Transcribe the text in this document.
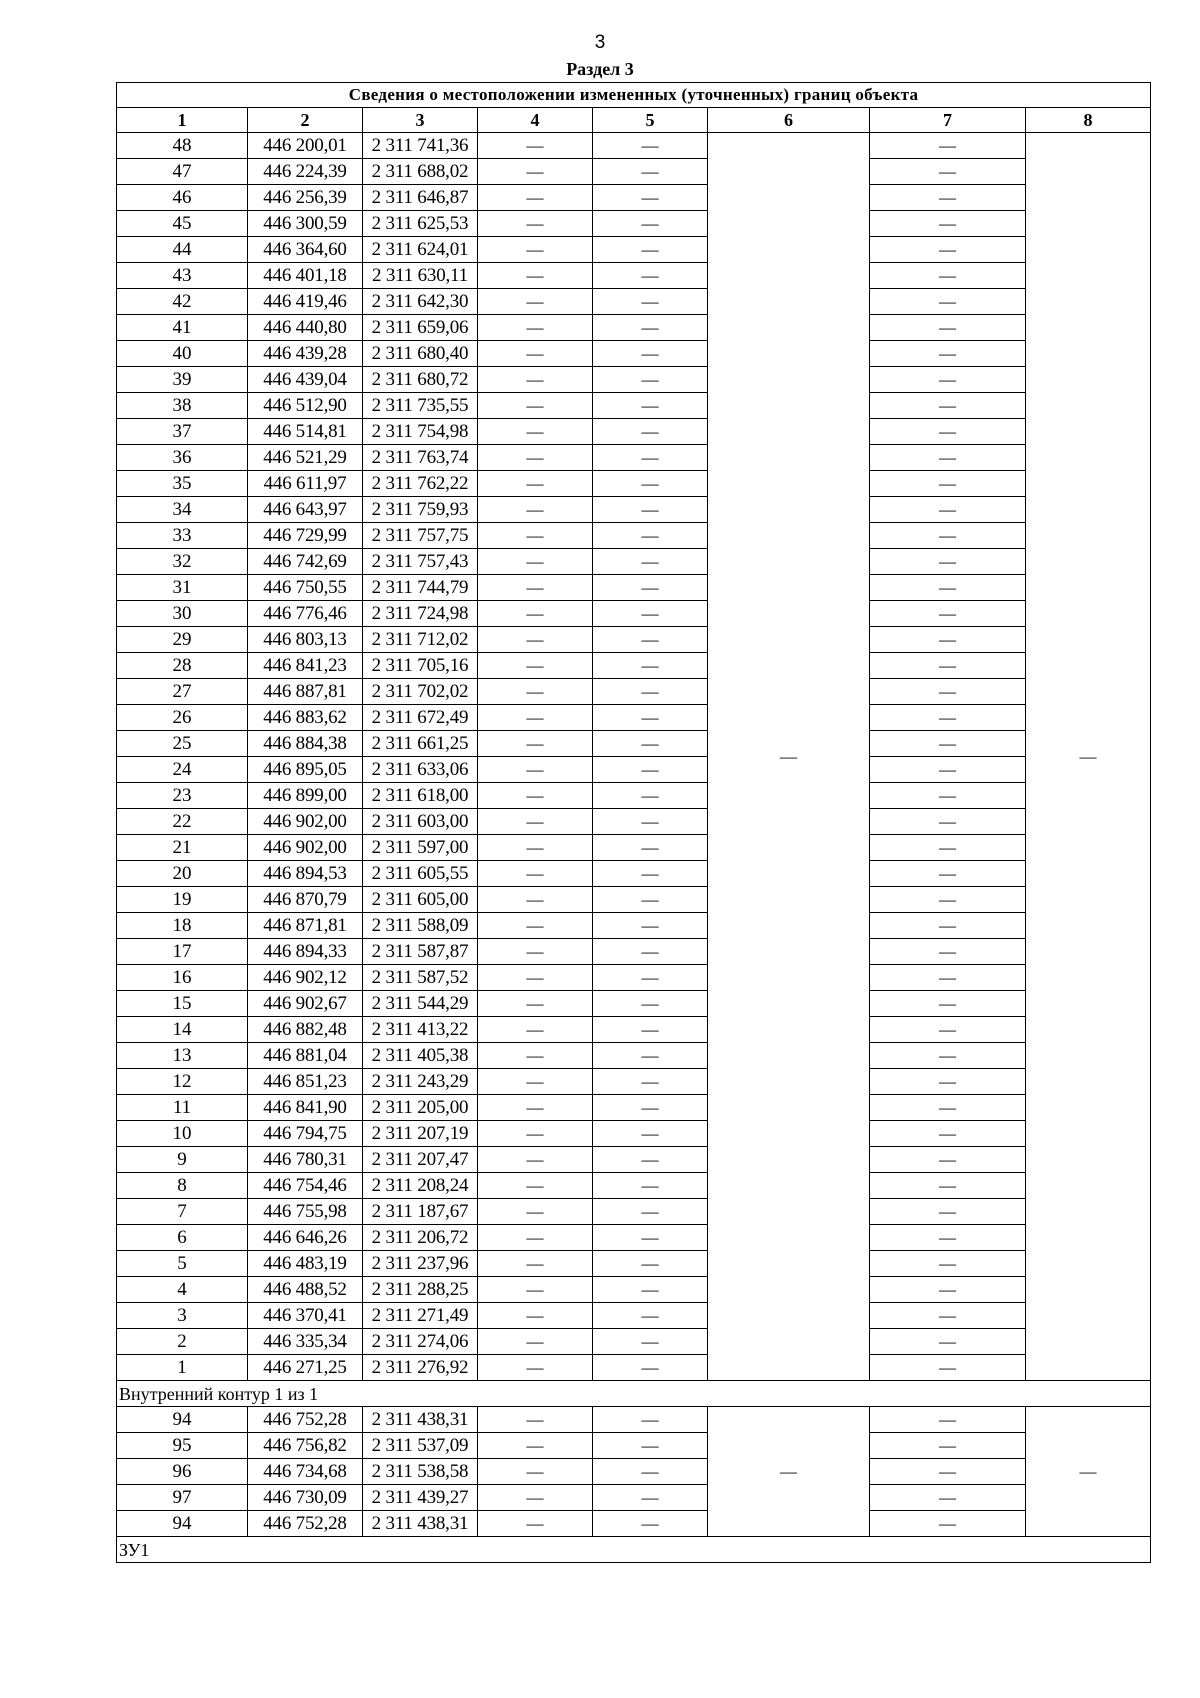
3
Раздел 3
Сведения о местоположении измененных (уточненных) границ объекта							
1	2	3	4	5	6	7	8
48	446 200,01	2 311 741,36	—	—	—	—	—
47	446 224,39	2 311 688,02	—	—		—	
46	446 256,39	2 311 646,87	—	—		—	
45	446 300,59	2 311 625,53	—	—		—	
44	446 364,60	2 311 624,01	—	—		—	
43	446 401,18	2 311 630,11	—	—		—	
42	446 419,46	2 311 642,30	—	—		—	
41	446 440,80	2 311 659,06	—	—		—	
40	446 439,28	2 311 680,40	—	—		—	
39	446 439,04	2 311 680,72	—	—		—	
38	446 512,90	2 311 735,55	—	—		—	
37	446 514,81	2 311 754,98	—	—		—	
36	446 521,29	2 311 763,74	—	—		—	
35	446 611,97	2 311 762,22	—	—		—	
34	446 643,97	2 311 759,93	—	—		—	
33	446 729,99	2 311 757,75	—	—		—	
32	446 742,69	2 311 757,43	—	—		—	
31	446 750,55	2 311 744,79	—	—		—	
30	446 776,46	2 311 724,98	—	—		—	
29	446 803,13	2 311 712,02	—	—		—	
28	446 841,23	2 311 705,16	—	—		—	
27	446 887,81	2 311 702,02	—	—		—	
26	446 883,62	2 311 672,49	—	—		—	
25	446 884,38	2 311 661,25	—	—		—	
24	446 895,05	2 311 633,06	—	—		—	
23	446 899,00	2 311 618,00	—	—		—	
22	446 902,00	2 311 603,00	—	—		—	
21	446 902,00	2 311 597,00	—	—		—	
20	446 894,53	2 311 605,55	—	—		—	
19	446 870,79	2 311 605,00	—	—		—	
18	446 871,81	2 311 588,09	—	—		—	
17	446 894,33	2 311 587,87	—	—		—	
16	446 902,12	2 311 587,52	—	—		—	
15	446 902,67	2 311 544,29	—	—		—	
14	446 882,48	2 311 413,22	—	—		—	
13	446 881,04	2 311 405,38	—	—		—	
12	446 851,23	2 311 243,29	—	—		—	
11	446 841,90	2 311 205,00	—	—		—	
10	446 794,75	2 311 207,19	—	—		—	
9	446 780,31	2 311 207,47	—	—		—	
8	446 754,46	2 311 208,24	—	—		—	
7	446 755,98	2 311 187,67	—	—		—	
6	446 646,26	2 311 206,72	—	—		—	
5	446 483,19	2 311 237,96	—	—		—	
4	446 488,52	2 311 288,25	—	—		—	
3	446 370,41	2 311 271,49	—	—		—	
2	446 335,34	2 311 274,06	—	—		—	
1	446 271,25	2 311 276,92	—	—		—	
Внутренний контур 1 из 1							
94	446 752,28	2 311 438,31	—	—	—	—	—
95	446 756,82	2 311 537,09	—	—		—	
96	446 734,68	2 311 538,58	—	—		—	
97	446 730,09	2 311 439,27	—	—		—	
94	446 752,28	2 311 438,31	—	—		—	
ЗУ1							
